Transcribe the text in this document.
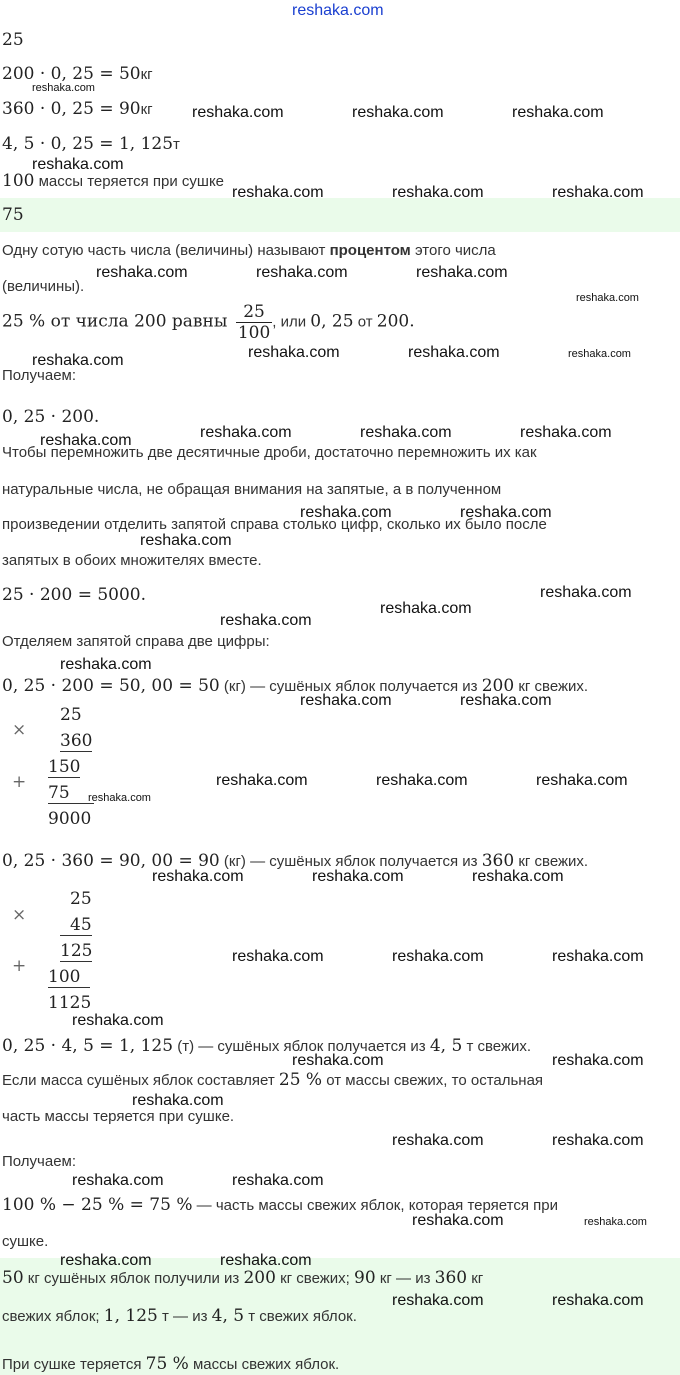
reshaka.com
25
200 · 0, 25 = 50кг
reshaka.com
360 · 0, 25 = 90кг reshaka.com	reshaka.com	reshaka.com
4, 5 · 0, 25 = 1, 125т
reshaka.com
100 массы теряется при сушке
reshaka.com	reshaka.com	reshaka.com
75
Одну сотую часть числа (величины) называют процентом этого числа
(величины).
reshaka.com	reshaka.com	reshaka.com
reshaka.com
25 % от числа 200 равны $\frac{25}{100}$ , или 0, 25 от 200.
reshaka.com	reshaka.com	reshaka.com	reshaka.com
Получаем:
0, 25 · 200.
reshaka.com	reshaka.com	reshaka.com	reshaka.com
Чтобы перемножить две десятичные дроби, достаточно перемножить их как
натуральные числа, не обращая внимания на запятые, а в полученном
произведении отделить запятой справа столько цифр, сколько их было после
reshaka.com	reshaka.com
reshaka.com
запятых в обоих множителях вместе.
25 · 200 = 5000.	reshaka.com
reshaka.com
reshaka.com
Отделяем запятой справа две цифры:
reshaka.com
0, 25 · 200 = 50, 00 = 50 (кг) — сушёных яблок получается из 200 кг свежих.
reshaka.com	reshaka.com
×
25
360
150
+
75
9000
reshaka.com
reshaka.com	reshaka.com	reshaka.com
0, 25 · 360 = 90, 00 = 90 (кг) — сушёных яблок получается из 360 кг свежих.
reshaka.com	reshaka.com	reshaka.com
×
25
45
125
+
100
1125
reshaka.com	reshaka.com	reshaka.com
reshaka.com
0, 25 · 4, 5 = 1, 125 (т) — сушёных яблок получается из 4, 5 т свежих.
reshaka.com	reshaka.com
Если масса сушёных яблок составляет 25 % от массы свежих, то остальная
reshaka.com
часть массы теряется при сушке.
reshaka.com	reshaka.com
Получаем:
reshaka.com	reshaka.com
100 % − 25 % = 75 % — часть массы свежих яблок, которая теряется при
reshaka.com	reshaka.com
сушке.
reshaka.com	reshaka.com
50 кг сушёных яблок получили из 200 кг свежих; 90 кг — из 360 кг
reshaka.com	reshaka.com
свежих яблок; 1, 125 т — из 4, 5 т свежих яблок.
При сушке теряется 75 % массы свежих яблок.
